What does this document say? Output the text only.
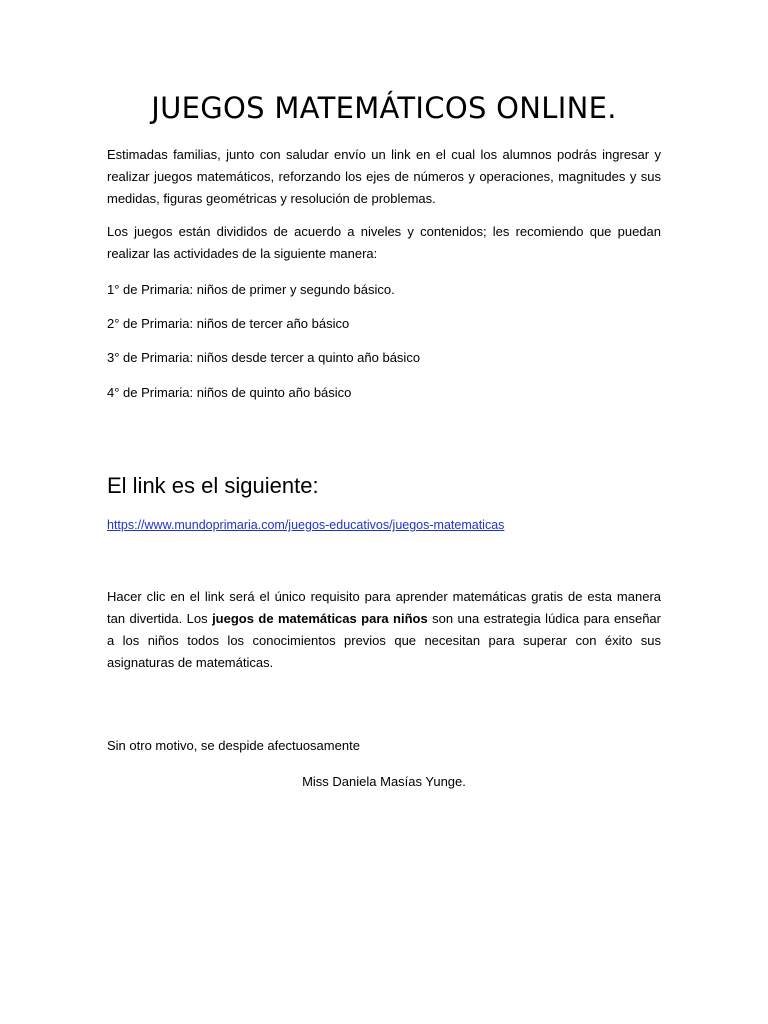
JUEGOS MATEMÁTICOS ONLINE.
Estimadas familias, junto con saludar envío un link en el cual los alumnos podrás ingresar y realizar juegos matemáticos, reforzando los ejes de números y operaciones, magnitudes y sus medidas, figuras geométricas y resolución de problemas.
Los juegos están divididos de acuerdo a niveles y contenidos; les recomiendo que puedan realizar las actividades de la siguiente manera:
1° de Primaria: niños de primer y segundo básico.
2° de Primaria: niños de tercer año básico
3° de Primaria: niños desde tercer a quinto año básico
4° de Primaria: niños de quinto año básico
El link es el siguiente:
https://www.mundoprimaria.com/juegos-educativos/juegos-matematicas
Hacer clic en el link será el único requisito para aprender matemáticas gratis de esta manera tan divertida. Los juegos de matemáticas para niños son una estrategia lúdica para enseñar a los niños todos los conocimientos previos que necesitan para superar con éxito sus asignaturas de matemáticas.
Sin otro motivo, se despide afectuosamente
Miss Daniela Masías Yunge.
